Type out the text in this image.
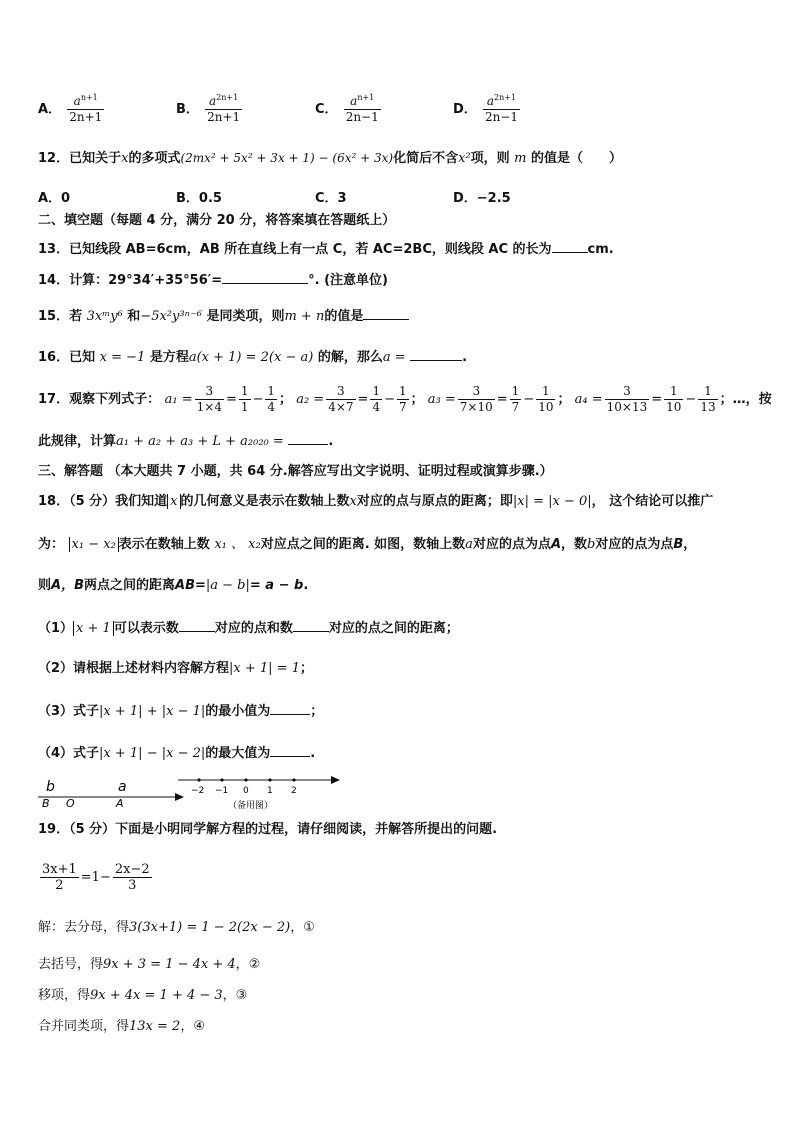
A． $\frac{a^{n+1}}{2n+1}$	B． $\frac{a^{2n+1}}{2n+1}$	C． $\frac{a^{n+1}}{2n-1}$	D． $\frac{a^{2n+1}}{2n-1}$
12．已知关于x的多项式(2mx² + 5x² + 3x + 1) − (6x² + 3x)化简后不含x²项，则 m 的值是（　　）
A．0	B．0.5	C．3	D．−2.5
二、填空题（每题 4 分，满分 20 分，将答案填在答题纸上）
13．已知线段 AB=6cm，AB 所在直线上有一点 C，若 AC=2BC，则线段 AC 的长为	cm.
14．计算：29°34′+35°56′=	°. (注意单位)
15．若 3xᵐy⁶ 和−5x²y³ⁿ⁻⁶ 是同类项，则m + n的值是
16．已知 x = −1 是方程a(x + 1) = 2(x − a) 的解，那么a =	.
17．观察下列式子： $a_1 = \frac{3}{1\times 4} = \frac{1}{1} - \frac{1}{4}$ ； $a_2 = \frac{3}{4\times 7} = \frac{1}{4} - \frac{1}{7}$ ； $a_3 = \frac{3}{7\times 10} = \frac{1}{7} - \frac{1}{10}$ ； $a_4 = \frac{3}{10\times 13} = \frac{1}{10} - \frac{1}{13}$ ；…，按
此规律，计算a₁ + a₂ + a₃ + L + a₂₀₂₀ =	.
三、解答题 （本大题共 7 小题，共 64 分.解答应写出文字说明、证明过程或演算步骤.）
18．（5 分）我们知道 x 的几何意义是表示在数轴上数x对应的点与原点的距离；即|x| = |x − 0|， 这个结论可以推广
为： x₁ − x₂ 表示在数轴上数 x₁ 、 x₂对应点之间的距离. 如图，数轴上数a对应的点为点A，数b对应的点为点B，
则A，B两点之间的距离AB=|a − b|= a − b.
（1） x + 1 可以表示数	对应的点和数	对应的点之间的距离；
（2）请根据上述材料内容解方程|x + 1| = 1；
（3）式子|x + 1| + |x − 1|的最小值为	；
（4）式子|x + 1| − |x − 2|的最大值为	.
b	a
B O	A
−2 −1 0 1 2
（备用图）
19．（5 分）下面是小明同学解方程的过程，请仔细阅读，并解答所提出的问题.
$\frac{3x+1}{2} =1- \frac{2x-2}{3}$
解：去分母，得3(3x+1) = 1 − 2(2x − 2)，①
去括号，得9x + 3 = 1 − 4x + 4，②
移项，得9x + 4x = 1 + 4 − 3，③
合并同类项，得13x = 2，④
